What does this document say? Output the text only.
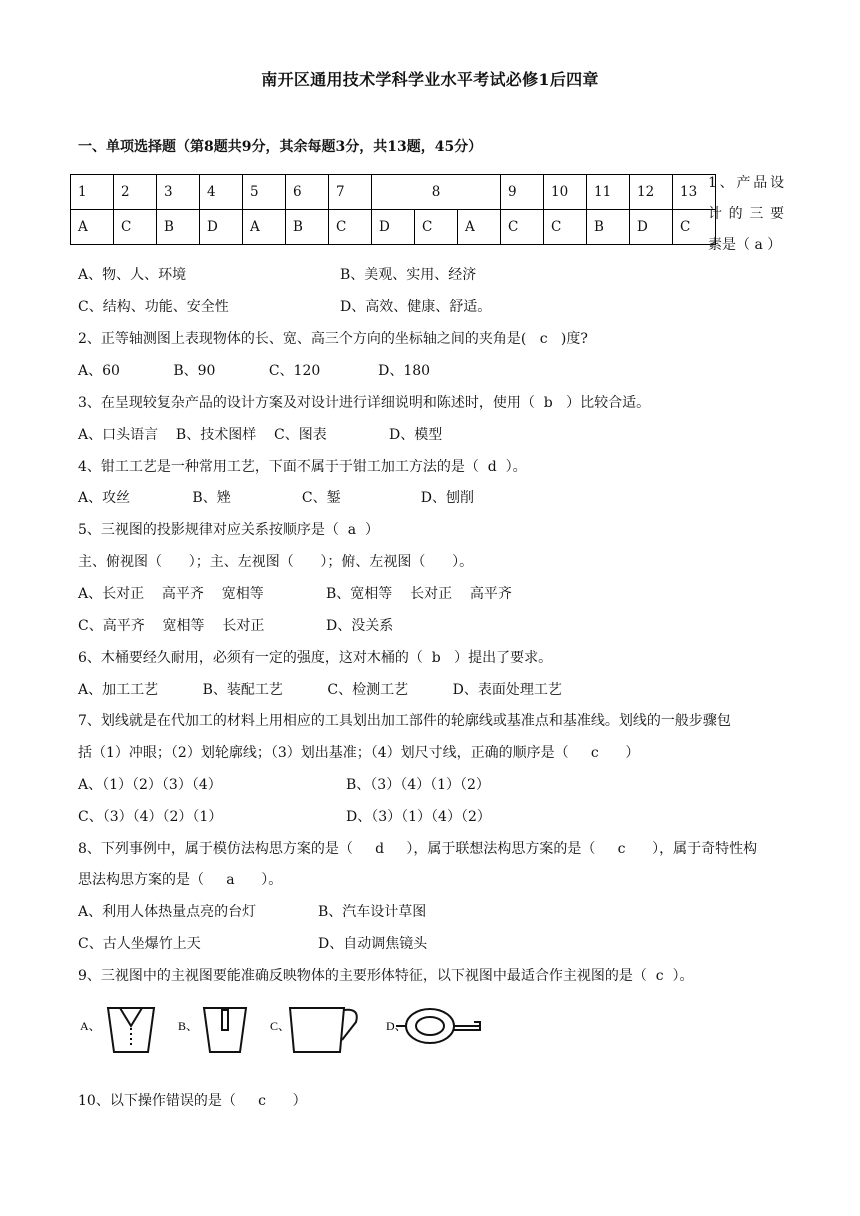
南开区通用技术学科学业水平考试必修1后四章
一、单项选择题（第8题共9分，其余每题3分，共13题，45分）
1	2	3	4	5	6	7	8			9	10	11	12	13
A	C	B	D	A	B	C	D	C	A	C	C	B	D	C
1、产品设
计的三要
素是（ a ）
A、物、人、环境	B、美观、实用、经济
C、结构、功能、安全性	D、高效、健康、舒适。
2、正等轴测图上表现物体的长、宽、高三个方向的坐标轴之间的夹角是(   c   )度?
A、60            B、90            C、120             D、180
3、在呈现较复杂产品的设计方案及对设计进行详细说明和陈述时，使用（  b   ）比较合适。
A、口头语言    B、技术图样    C、图表              D、模型
4、钳工工艺是一种常用工艺，下面不属于于钳工加工方法的是（  d  ）。
A、攻丝              B、矬                C、錾                  D、刨削
5、三视图的投影规律对应关系按顺序是（  a  ）
主、俯视图（      ）；主、左视图（      ）；俯、左视图（      ）。
A、长对正    高平齐    宽相等	B、宽相等    长对正    高平齐
C、高平齐    宽相等    长对正	D、没关系
6、木桶要经久耐用，必须有一定的强度，这对木桶的（  b   ）提出了要求。
A、加工工艺          B、装配工艺          C、检测工艺          D、表面处理工艺
7、划线就是在代加工的材料上用相应的工具划出加工部件的轮廓线或基准点和基准线。划线的一般步骤包
括（1）冲眼；（2）划轮廓线；（3）划出基准；（4）划尺寸线，正确的顺序是（     c      ）
A、（1）（2）（3）（4）	B、（3）（4）（1）（2）
C、（3）（4）（2）（1）	D、（3）（1）（4）（2）
8、下列事例中，属于模仿法构思方案的是（     d     ），属于联想法构思方案的是（     c      ），属于奇特性构
思法构思方案的是（     a      ）。
A、利用人体热量点亮的台灯	B、汽车设计草图
C、古人坐爆竹上天	D、自动调焦镜头
9、三视图中的主视图要能准确反映物体的主要形体特征，以下视图中最适合作主视图的是（  c  ）。
A、	B、	C、	D、
10、以下操作错误的是（     c      ）
